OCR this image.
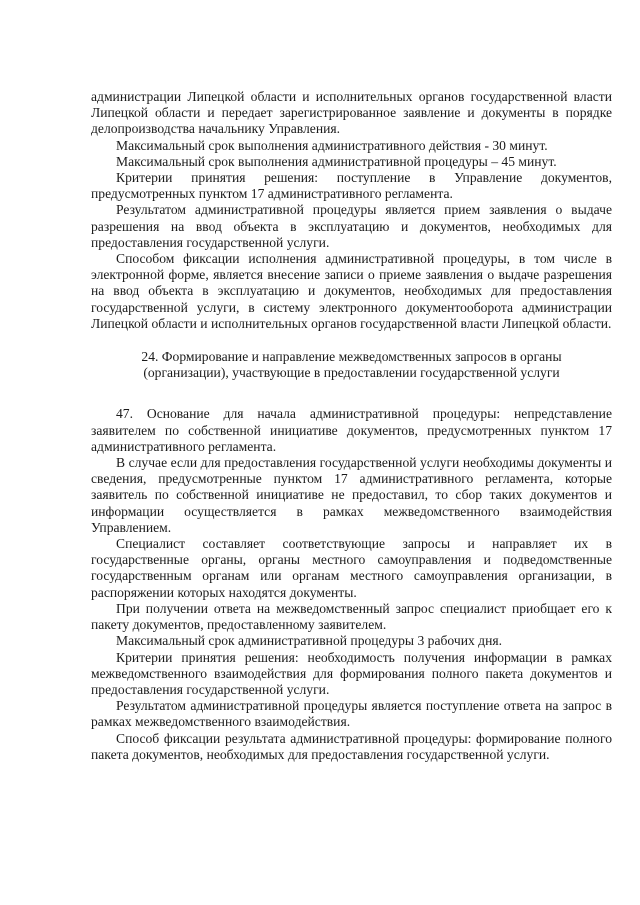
администрации Липецкой области и исполнительных органов государственной власти Липецкой области и передает зарегистрированное заявление и документы в порядке делопроизводства начальнику Управления.

Максимальный срок выполнения административного действия - 30 минут.

Максимальный срок выполнения административной процедуры – 45 минут.

Критерии принятия решения: поступление в Управление документов, предусмотренных пунктом 17 административного регламента.

Результатом административной процедуры является прием заявления о выдаче разрешения на ввод объекта в эксплуатацию и документов, необходимых для предоставления государственной услуги.

Способом фиксации исполнения административной процедуры, в том числе в электронной форме, является внесение записи о приеме заявления о выдаче разрешения на ввод объекта в эксплуатацию и документов, необходимых для предоставления государственной услуги, в систему электронного документооборота администрации Липецкой области и исполнительных органов государственной власти Липецкой области.

24. Формирование и направление межведомственных запросов в органы (организации), участвующие в предоставлении государственной услуги

47. Основание для начала административной процедуры: непредставление заявителем по собственной инициативе документов, предусмотренных пунктом 17 административного регламента.

В случае если для предоставления государственной услуги необходимы документы и сведения, предусмотренные пунктом 17 административного регламента, которые заявитель по собственной инициативе не предоставил, то сбор таких документов и информации осуществляется в рамках межведомственного взаимодействия Управлением.

Специалист составляет соответствующие запросы и направляет их в государственные органы, органы местного самоуправления и подведомственные государственным органам или органам местного самоуправления организации, в распоряжении которых находятся документы.

При получении ответа на межведомственный запрос специалист приобщает его к пакету документов, предоставленному заявителем.

Максимальный срок административной процедуры 3 рабочих дня.

Критерии принятия решения: необходимость получения информации в рамках межведомственного взаимодействия для формирования полного пакета документов и предоставления государственной услуги.

Результатом административной процедуры является поступление ответа на запрос в рамках межведомственного взаимодействия.

Способ фиксации результата административной процедуры: формирование полного пакета документов, необходимых для предоставления государственной услуги.
